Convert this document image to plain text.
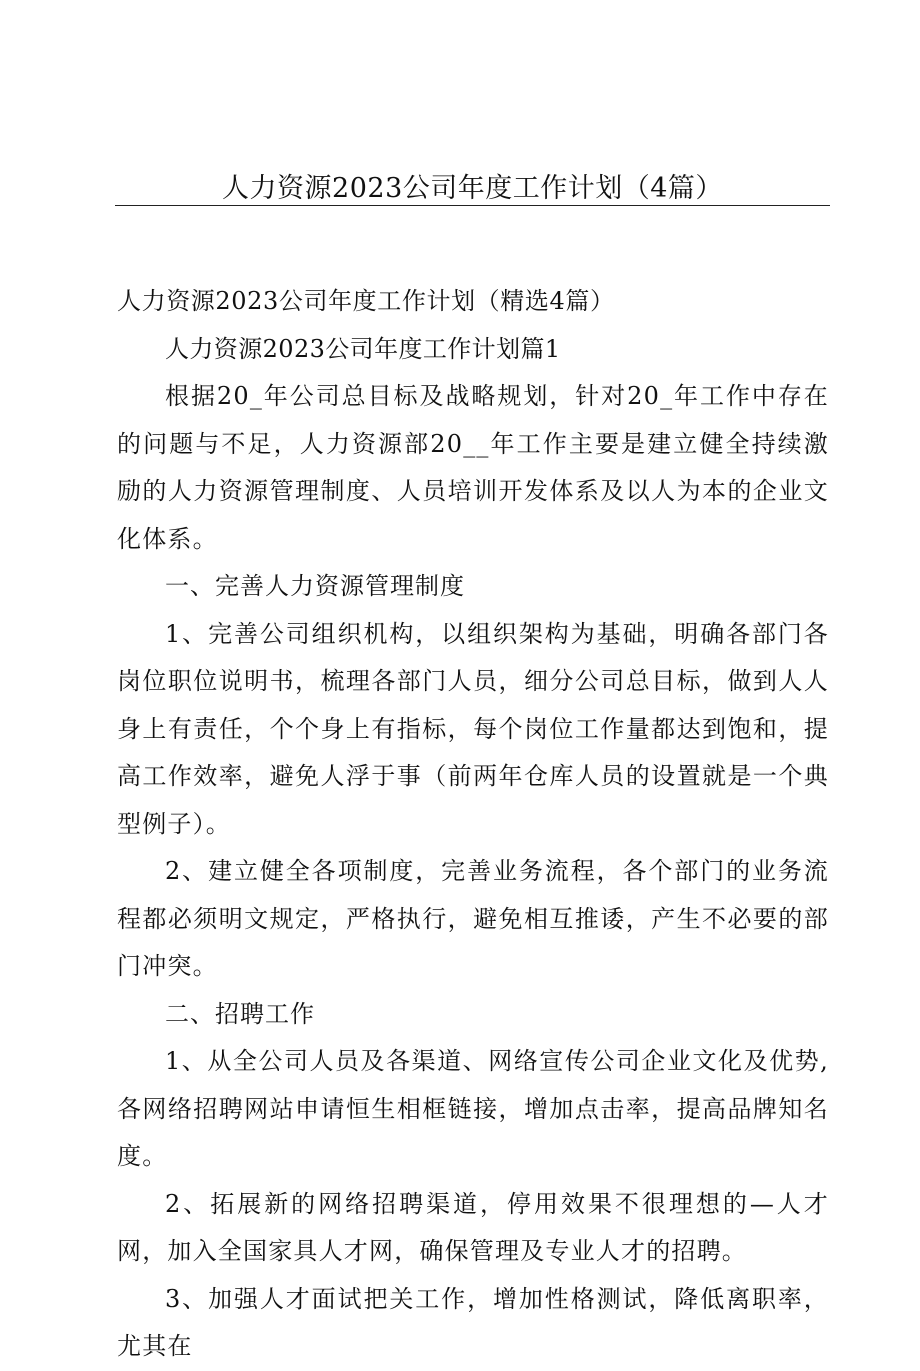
人力资源2023公司年度工作计划（4篇）

人力资源2023公司年度工作计划（精选4篇）

人力资源2023公司年度工作计划篇1

根据20_年公司总目标及战略规划，针对20_年工作中存在的问题与不足，人力资源部20__年工作主要是建立健全持续激励的人力资源管理制度、人员培训开发体系及以人为本的企业文化体系。

一、完善人力资源管理制度

1、完善公司组织机构，以组织架构为基础，明确各部门各岗位职位说明书，梳理各部门人员，细分公司总目标，做到人人身上有责任，个个身上有指标，每个岗位工作量都达到饱和，提高工作效率，避免人浮于事（前两年仓库人员的设置就是一个典型例子）。

2、建立健全各项制度，完善业务流程，各个部门的业务流程都必须明文规定，严格执行，避免相互推诿，产生不必要的部门冲突。

二、招聘工作

1、从全公司人员及各渠道、网络宣传公司企业文化及优势,各网络招聘网站申请恒生相框链接，增加点击率，提高品牌知名度。

2、拓展新的网络招聘渠道，停用效果不很理想的—人才网，加入全国家具人才网，确保管理及专业人才的招聘。

3、加强人才面试把关工作，增加性格测试，降低离职率，尤其在
